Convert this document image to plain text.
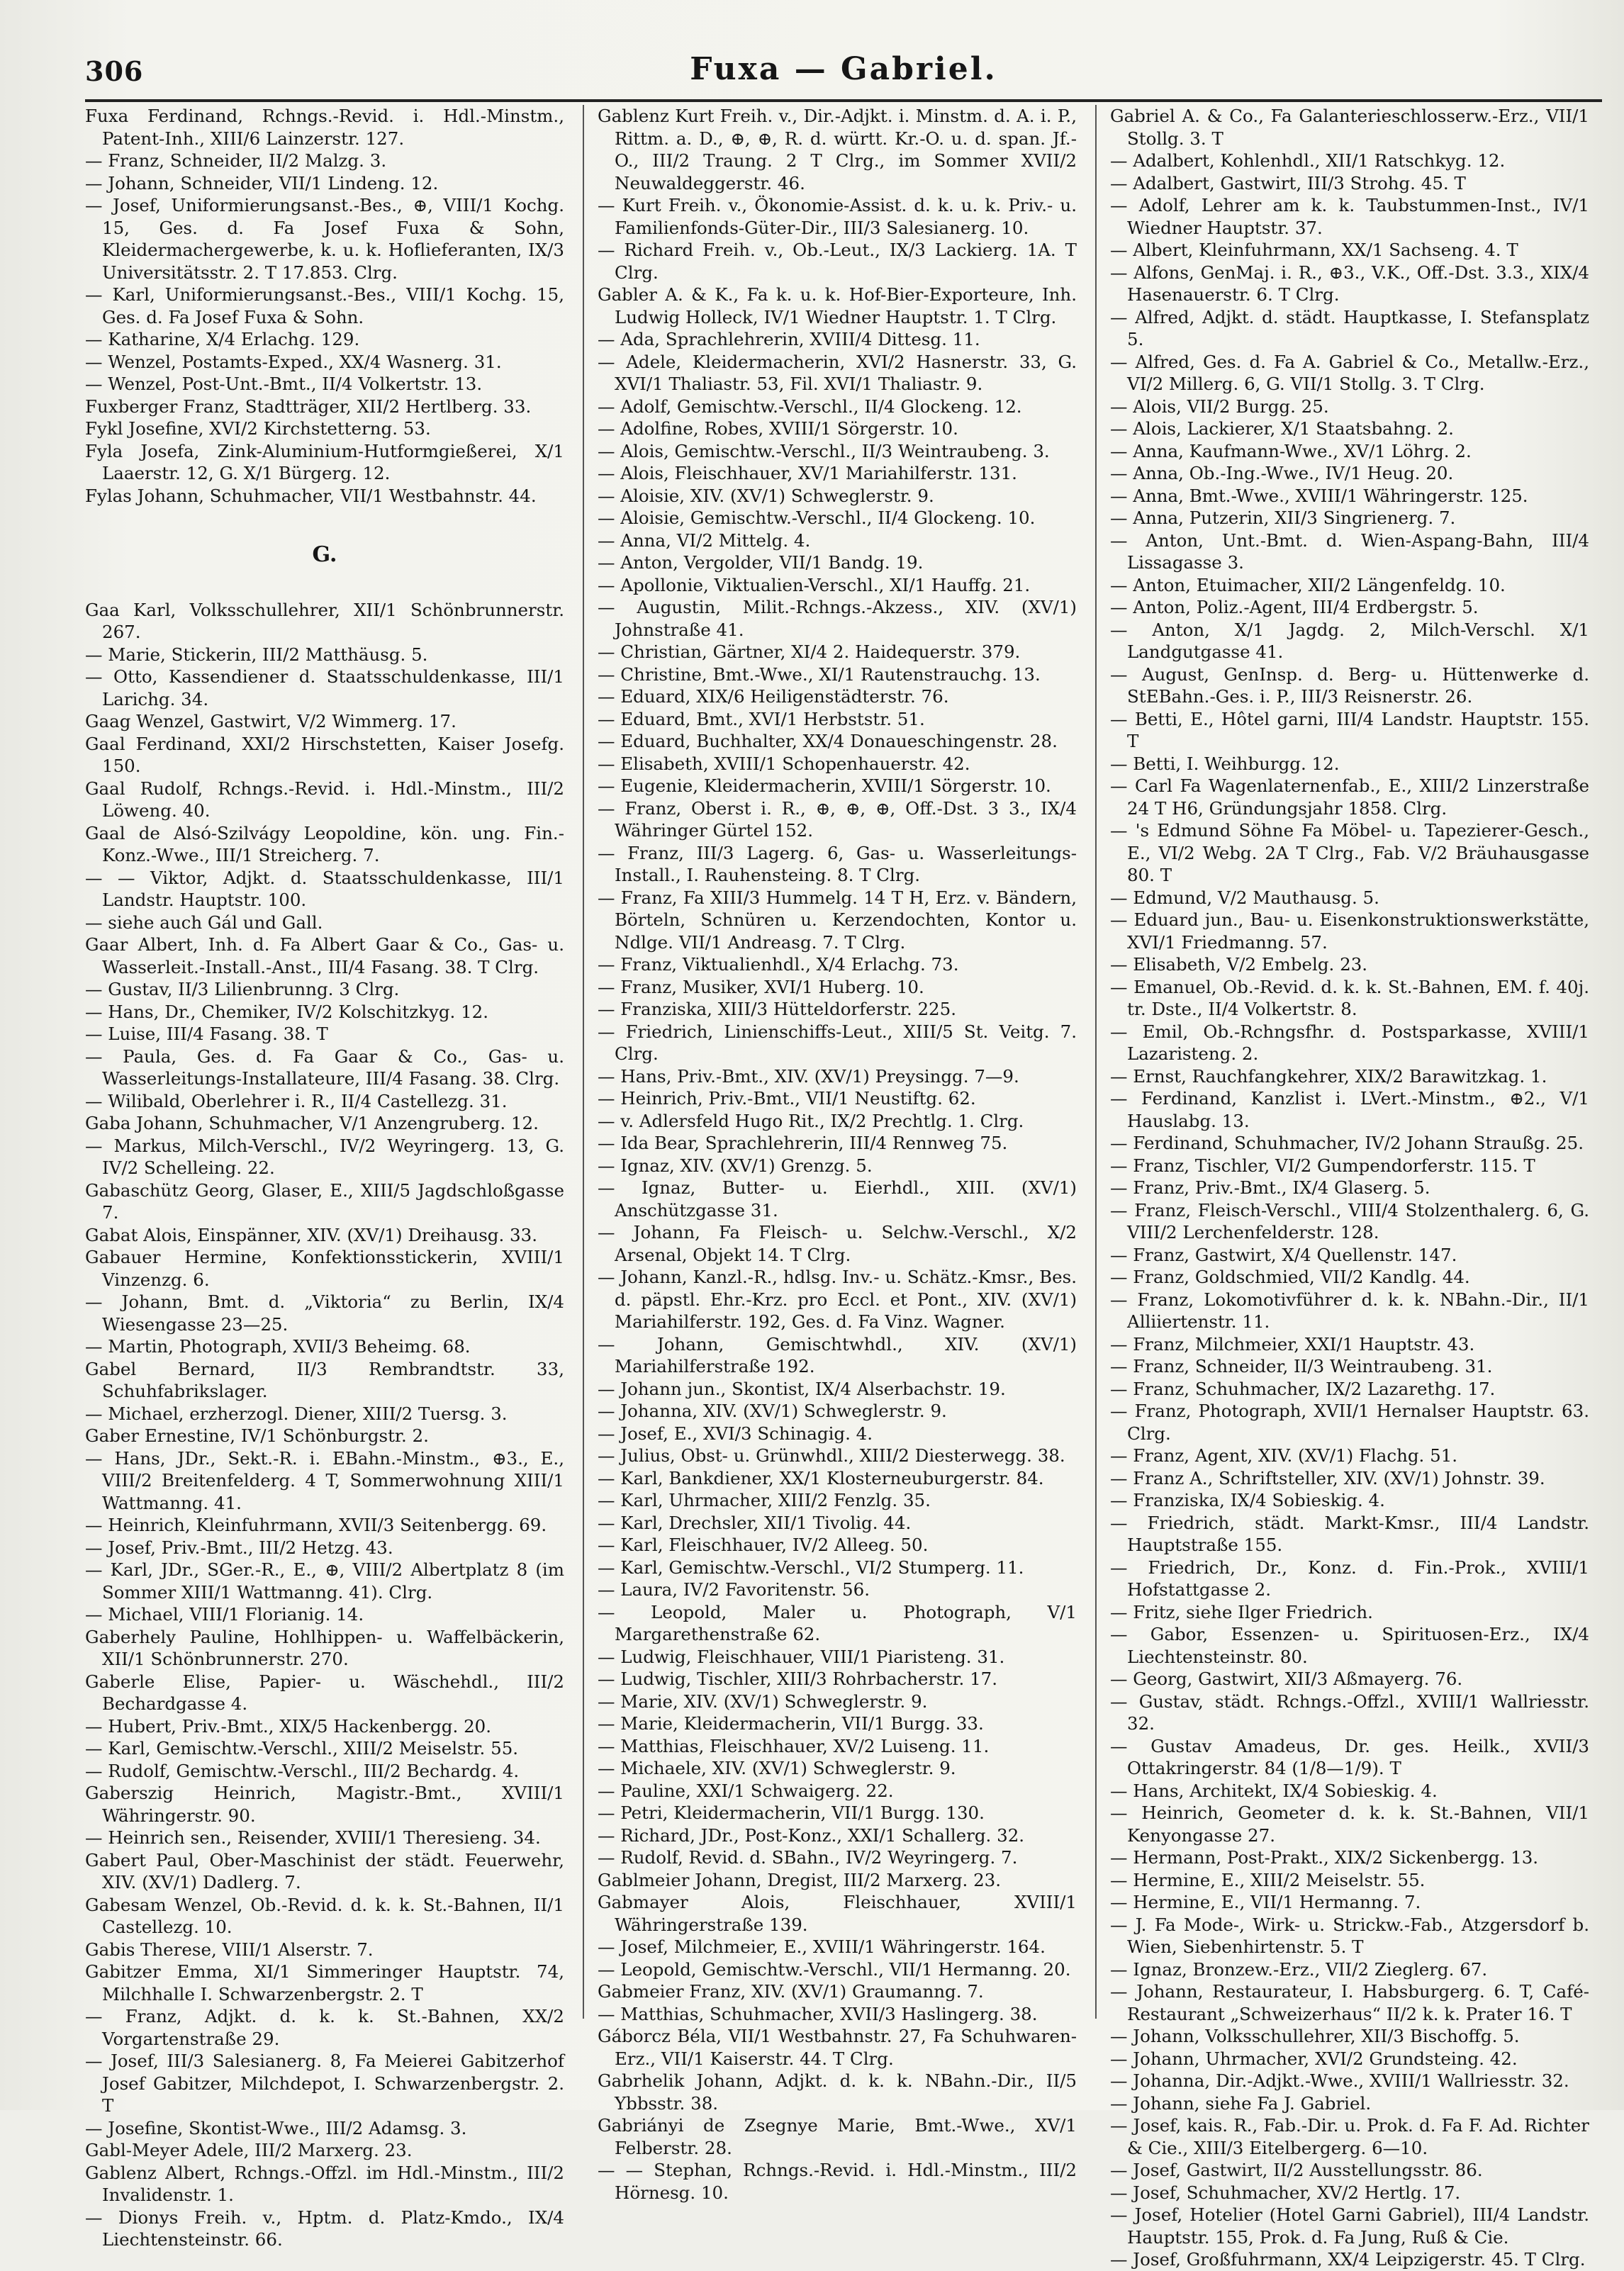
306	Fuxa — Gabriel.

Fuxa Ferdinand, Rchngs.-Revid. i. Hdl.-Minstm., Patent-Inh., XIII/6 Lainzerstr. 127.

— Franz, Schneider, II/2 Malzg. 3.

— Johann, Schneider, VII/1 Lindeng. 12.

— Josef, Uniformierungsanst.-Bes., ⊕, VIII/1 Kochg. 15, Ges. d. Fa Josef Fuxa & Sohn, Kleidermachergewerbe, k. u. k. Hoflieferanten, IX/3 Universitätsstr. 2. T 17.853. Clrg.

— Karl, Uniformierungsanst.-Bes., VIII/1 Kochg. 15, Ges. d. Fa Josef Fuxa & Sohn.

— Katharine, X/4 Erlachg. 129.

— Wenzel, Postamts-Exped., XX/4 Wasnerg. 31.

— Wenzel, Post-Unt.-Bmt., II/4 Volkertstr. 13.

Fuxberger Franz, Stadtträger, XII/2 Hertlberg. 33.

Fykl Josefine, XVI/2 Kirchstetterng. 53.

Fyla Josefa, Zink-Aluminium-Hutformgießerei, X/1 Laaerstr. 12, G. X/1 Bürgerg. 12.

Fylas Johann, Schuhmacher, VII/1 Westbahnstr. 44.

G.

Gaa Karl, Volksschullehrer, XII/1 Schönbrunnerstr. 267.

— Marie, Stickerin, III/2 Matthäusg. 5.

— Otto, Kassendiener d. Staatsschuldenkasse, III/1 Larichg. 34.

Gaag Wenzel, Gastwirt, V/2 Wimmerg. 17.

Gaal Ferdinand, XXI/2 Hirschstetten, Kaiser Josefg. 150.

Gaal Rudolf, Rchngs.-Revid. i. Hdl.-Minstm., III/2 Löweng. 40.

Gaal de Alsó-Szilvágy Leopoldine, kön. ung. Fin.-Konz.-Wwe., III/1 Streicherg. 7.

— — Viktor, Adjkt. d. Staatsschuldenkasse, III/1 Landstr. Hauptstr. 100.

— siehe auch Gál und Gall.

Gaar Albert, Inh. d. Fa Albert Gaar & Co., Gas- u. Wasserleit.-Install.-Anst., III/4 Fasang. 38. T Clrg.

— Gustav, II/3 Lilienbrunng. 3 Clrg.

— Hans, Dr., Chemiker, IV/2 Kolschitzkyg. 12.

— Luise, III/4 Fasang. 38. T

— Paula, Ges. d. Fa Gaar & Co., Gas- u. Wasserleitungs-Installateure, III/4 Fasang. 38. Clrg.

— Wilibald, Oberlehrer i. R., II/4 Castellezg. 31.

Gaba Johann, Schuhmacher, V/1 Anzengruberg. 12.

— Markus, Milch-Verschl., IV/2 Weyringerg. 13, G. IV/2 Schelleing. 22.

Gabaschütz Georg, Glaser, E., XIII/5 Jagdschloßgasse 7.

Gabat Alois, Einspänner, XIV. (XV/1) Dreihausg. 33.

Gabauer Hermine, Konfektionsstickerin, XVIII/1 Vinzenzg. 6.

— Johann, Bmt. d. „Viktoria“ zu Berlin, IX/4 Wiesengasse 23—25.

— Martin, Photograph, XVII/3 Beheimg. 68.

Gabel Bernard, II/3 Rembrandtstr. 33, Schuhfabrikslager.

— Michael, erzherzogl. Diener, XIII/2 Tuersg. 3.

Gaber Ernestine, IV/1 Schönburgstr. 2.

— Hans, JDr., Sekt.-R. i. EBahn.-Minstm., ⊕3., E., VIII/2 Breitenfelderg. 4 T, Sommerwohnung XIII/1 Wattmanng. 41.

— Heinrich, Kleinfuhrmann, XVII/3 Seitenbergg. 69.

— Josef, Priv.-Bmt., III/2 Hetzg. 43.

— Karl, JDr., SGer.-R., E., ⊕, VIII/2 Albertplatz 8 (im Sommer XIII/1 Wattmanng. 41). Clrg.

— Michael, VIII/1 Florianig. 14.

Gaberhely Pauline, Hohlhippen- u. Waffelbäckerin, XII/1 Schönbrunnerstr. 270.

Gaberle Elise, Papier- u. Wäschehdl., III/2 Bechardgasse 4.

— Hubert, Priv.-Bmt., XIX/5 Hackenbergg. 20.

— Karl, Gemischtw.-Verschl., XIII/2 Meiselstr. 55.

— Rudolf, Gemischtw.-Verschl., III/2 Bechardg. 4.

Gaberszig Heinrich, Magistr.-Bmt., XVIII/1 Währingerstr. 90.

— Heinrich sen., Reisender, XVIII/1 Theresieng. 34.

Gabert Paul, Ober-Maschinist der städt. Feuerwehr, XIV. (XV/1) Dadlerg. 7.

Gabesam Wenzel, Ob.-Revid. d. k. k. St.-Bahnen, II/1 Castellezg. 10.

Gabis Therese, VIII/1 Alserstr. 7.

Gabitzer Emma, XI/1 Simmeringer Hauptstr. 74, Milchhalle I. Schwarzenbergstr. 2. T

— Franz, Adjkt. d. k. k. St.-Bahnen, XX/2 Vorgartenstraße 29.

— Josef, III/3 Salesianerg. 8, Fa Meierei Gabitzerhof Josef Gabitzer, Milchdepot, I. Schwarzenbergstr. 2. T

— Josefine, Skontist-Wwe., III/2 Adamsg. 3.

Gabl-Meyer Adele, III/2 Marxerg. 23.

Gablenz Albert, Rchngs.-Offzl. im Hdl.-Minstm., III/2 Invalidenstr. 1.

— Dionys Freih. v., Hptm. d. Platz-Kmdo., IX/4 Liechtensteinstr. 66.

Gablenz Kurt Freih. v., Dir.-Adjkt. i. Minstm. d. A. i. P., Rittm. a. D., ⊕, ⊕, R. d. württ. Kr.-O. u. d. span. Jf.-O., III/2 Traung. 2 T Clrg., im Sommer XVII/2 Neuwaldeggerstr. 46.

— Kurt Freih. v., Ökonomie-Assist. d. k. u. k. Priv.- u. Familienfonds-Güter-Dir., III/3 Salesianerg. 10.

— Richard Freih. v., Ob.-Leut., IX/3 Lackierg. 1A. T Clrg.

Gabler A. & K., Fa k. u. k. Hof-Bier-Exporteure, Inh. Ludwig Holleck, IV/1 Wiedner Hauptstr. 1. T Clrg.

— Ada, Sprachlehrerin, XVIII/4 Dittesg. 11.

— Adele, Kleidermacherin, XVI/2 Hasnerstr. 33, G. XVI/1 Thaliastr. 53, Fil. XVI/1 Thaliastr. 9.

— Adolf, Gemischtw.-Verschl., II/4 Glockeng. 12.

— Adolfine, Robes, XVIII/1 Sörgerstr. 10.

— Alois, Gemischtw.-Verschl., II/3 Weintraubeng. 3.

— Alois, Fleischhauer, XV/1 Mariahilferstr. 131.

— Aloisie, XIV. (XV/1) Schweglerstr. 9.

— Aloisie, Gemischtw.-Verschl., II/4 Glockeng. 10.

— Anna, VI/2 Mittelg. 4.

— Anton, Vergolder, VII/1 Bandg. 19.

— Apollonie, Viktualien-Verschl., XI/1 Hauffg. 21.

— Augustin, Milit.-Rchngs.-Akzess., XIV. (XV/1) Johnstraße 41.

— Christian, Gärtner, XI/4 2. Haidequerstr. 379.

— Christine, Bmt.-Wwe., XI/1 Rautenstrauchg. 13.

— Eduard, XIX/6 Heiligenstädterstr. 76.

— Eduard, Bmt., XVI/1 Herbststr. 51.

— Eduard, Buchhalter, XX/4 Donaueschingenstr. 28.

— Elisabeth, XVIII/1 Schopenhauerstr. 42.

— Eugenie, Kleidermacherin, XVIII/1 Sörgerstr. 10.

— Franz, Oberst i. R., ⊕, ⊕, ⊕, Off.-Dst. 3 3., IX/4 Währinger Gürtel 152.

— Franz, III/3 Lagerg. 6, Gas- u. Wasserleitungs-Install., I. Rauhensteing. 8. T Clrg.

— Franz, Fa XIII/3 Hummelg. 14 T H, Erz. v. Bändern, Börteln, Schnüren u. Kerzendochten, Kontor u. Ndlge. VII/1 Andreasg. 7. T Clrg.

— Franz, Viktualienhdl., X/4 Erlachg. 73.

— Franz, Musiker, XVI/1 Huberg. 10.

— Franziska, XIII/3 Hütteldorferstr. 225.

— Friedrich, Linienschiffs-Leut., XIII/5 St. Veitg. 7. Clrg.

— Hans, Priv.-Bmt., XIV. (XV/1) Preysingg. 7—9.

— Heinrich, Priv.-Bmt., VII/1 Neustiftg. 62.

— v. Adlersfeld Hugo Rit., IX/2 Prechtlg. 1. Clrg.

— Ida Bear, Sprachlehrerin, III/4 Rennweg 75.

— Ignaz, XIV. (XV/1) Grenzg. 5.

— Ignaz, Butter- u. Eierhdl., XIII. (XV/1) Anschützgasse 31.

— Johann, Fa Fleisch- u. Selchw.-Verschl., X/2 Arsenal, Objekt 14. T Clrg.

— Johann, Kanzl.-R., hdlsg. Inv.- u. Schätz.-Kmsr., Bes. d. päpstl. Ehr.-Krz. pro Eccl. et Pont., XIV. (XV/1) Mariahilferstr. 192, Ges. d. Fa Vinz. Wagner.

— Johann, Gemischtwhdl., XIV. (XV/1) Mariahilferstraße 192.

— Johann jun., Skontist, IX/4 Alserbachstr. 19.

— Johanna, XIV. (XV/1) Schweglerstr. 9.

— Josef, E., XVI/3 Schinagig. 4.

— Julius, Obst- u. Grünwhdl., XIII/2 Diesterwegg. 38.

— Karl, Bankdiener, XX/1 Klosterneuburgerstr. 84.

— Karl, Uhrmacher, XIII/2 Fenzlg. 35.

— Karl, Drechsler, XII/1 Tivolig. 44.

— Karl, Fleischhauer, IV/2 Alleeg. 50.

— Karl, Gemischtw.-Verschl., VI/2 Stumperg. 11.

— Laura, IV/2 Favoritenstr. 56.

— Leopold, Maler u. Photograph, V/1 Margarethenstraße 62.

— Ludwig, Fleischhauer, VIII/1 Piaristeng. 31.

— Ludwig, Tischler, XIII/3 Rohrbacherstr. 17.

— Marie, XIV. (XV/1) Schweglerstr. 9.

— Marie, Kleidermacherin, VII/1 Burgg. 33.

— Matthias, Fleischhauer, XV/2 Luiseng. 11.

— Michaele, XIV. (XV/1) Schweglerstr. 9.

— Pauline, XXI/1 Schwaigerg. 22.

— Petri, Kleidermacherin, VII/1 Burgg. 130.

— Richard, JDr., Post-Konz., XXI/1 Schallerg. 32.

— Rudolf, Revid. d. SBahn., IV/2 Weyringerg. 7.

Gablmeier Johann, Dregist, III/2 Marxerg. 23.

Gabmayer Alois, Fleischhauer, XVIII/1 Währingerstraße 139.

— Josef, Milchmeier, E., XVIII/1 Währingerstr. 164.

— Leopold, Gemischtw.-Verschl., VII/1 Hermanng. 20.

Gabmeier Franz, XIV. (XV/1) Graumanng. 7.

— Matthias, Schuhmacher, XVII/3 Haslingerg. 38.

Gáborcz Béla, VII/1 Westbahnstr. 27, Fa Schuhwaren-Erz., VII/1 Kaiserstr. 44. T Clrg.

Gabrhelik Johann, Adjkt. d. k. k. NBahn.-Dir., II/5 Ybbsstr. 38.

Gabriányi de Zsegnye Marie, Bmt.-Wwe., XV/1 Felberstr. 28.

— — Stephan, Rchngs.-Revid. i. Hdl.-Minstm., III/2 Hörnesg. 10.

Gabriel A. & Co., Fa Galanterieschlosserw.-Erz., VII/1 Stollg. 3. T

— Adalbert, Kohlenhdl., XII/1 Ratschkyg. 12.

— Adalbert, Gastwirt, III/3 Strohg. 45. T

— Adolf, Lehrer am k. k. Taubstummen-Inst., IV/1 Wiedner Hauptstr. 37.

— Albert, Kleinfuhrmann, XX/1 Sachseng. 4. T

— Alfons, GenMaj. i. R., ⊕3., V.K., Off.-Dst. 3.3., XIX/4 Hasenauerstr. 6. T Clrg.

— Alfred, Adjkt. d. städt. Hauptkasse, I. Stefansplatz 5.

— Alfred, Ges. d. Fa A. Gabriel & Co., Metallw.-Erz., VI/2 Millerg. 6, G. VII/1 Stollg. 3. T Clrg.

— Alois, VII/2 Burgg. 25.

— Alois, Lackierer, X/1 Staatsbahng. 2.

— Anna, Kaufmann-Wwe., XV/1 Löhrg. 2.

— Anna, Ob.-Ing.-Wwe., IV/1 Heug. 20.

— Anna, Bmt.-Wwe., XVIII/1 Währingerstr. 125.

— Anna, Putzerin, XII/3 Singrienerg. 7.

— Anton, Unt.-Bmt. d. Wien-Aspang-Bahn, III/4 Lissagasse 3.

— Anton, Etuimacher, XII/2 Längenfeldg. 10.

— Anton, Poliz.-Agent, III/4 Erdbergstr. 5.

— Anton, X/1 Jagdg. 2, Milch-Verschl. X/1 Landgutgasse 41.

— August, GenInsp. d. Berg- u. Hüttenwerke d. StEBahn.-Ges. i. P., III/3 Reisnerstr. 26.

— Betti, E., Hôtel garni, III/4 Landstr. Hauptstr. 155. T

— Betti, I. Weihburgg. 12.

— Carl Fa Wagenlaternenfab., E., XIII/2 Linzerstraße 24 T H6, Gründungsjahr 1858. Clrg.

— 's Edmund Söhne Fa Möbel- u. Tapezierer-Gesch., E., VI/2 Webg. 2A T Clrg., Fab. V/2 Bräuhausgasse 80. T

— Edmund, V/2 Mauthausg. 5.

— Eduard jun., Bau- u. Eisenkonstruktionswerkstätte, XVI/1 Friedmanng. 57.

— Elisabeth, V/2 Embelg. 23.

— Emanuel, Ob.-Revid. d. k. k. St.-Bahnen, EM. f. 40j. tr. Dste., II/4 Volkertstr. 8.

— Emil, Ob.-Rchngsfhr. d. Postsparkasse, XVIII/1 Lazaristeng. 2.

— Ernst, Rauchfangkehrer, XIX/2 Barawitzkag. 1.

— Ferdinand, Kanzlist i. LVert.-Minstm., ⊕2., V/1 Hauslabg. 13.

— Ferdinand, Schuhmacher, IV/2 Johann Straußg. 25.

— Franz, Tischler, VI/2 Gumpendorferstr. 115. T

— Franz, Priv.-Bmt., IX/4 Glaserg. 5.

— Franz, Fleisch-Verschl., VIII/4 Stolzenthalerg. 6, G. VIII/2 Lerchenfelderstr. 128.

— Franz, Gastwirt, X/4 Quellenstr. 147.

— Franz, Goldschmied, VII/2 Kandlg. 44.

— Franz, Lokomotivführer d. k. k. NBahn.-Dir., II/1 Alliiertenstr. 11.

— Franz, Milchmeier, XXI/1 Hauptstr. 43.

— Franz, Schneider, II/3 Weintraubeng. 31.

— Franz, Schuhmacher, IX/2 Lazarethg. 17.

— Franz, Photograph, XVII/1 Hernalser Hauptstr. 63. Clrg.

— Franz, Agent, XIV. (XV/1) Flachg. 51.

— Franz A., Schriftsteller, XIV. (XV/1) Johnstr. 39.

— Franziska, IX/4 Sobieskig. 4.

— Friedrich, städt. Markt-Kmsr., III/4 Landstr. Hauptstraße 155.

— Friedrich, Dr., Konz. d. Fin.-Prok., XVIII/1 Hofstattgasse 2.

— Fritz, siehe Ilger Friedrich.

— Gabor, Essenzen- u. Spirituosen-Erz., IX/4 Liechtensteinstr. 80.

— Georg, Gastwirt, XII/3 Aßmayerg. 76.

— Gustav, städt. Rchngs.-Offzl., XVIII/1 Wallriesstr. 32.

— Gustav Amadeus, Dr. ges. Heilk., XVII/3 Ottakringerstr. 84 (1/8—1/9). T

— Hans, Architekt, IX/4 Sobieskig. 4.

— Heinrich, Geometer d. k. k. St.-Bahnen, VII/1 Kenyongasse 27.

— Hermann, Post-Prakt., XIX/2 Sickenbergg. 13.

— Hermine, E., XIII/2 Meiselstr. 55.

— Hermine, E., VII/1 Hermanng. 7.

— J. Fa Mode-, Wirk- u. Strickw.-Fab., Atzgersdorf b. Wien, Siebenhirtenstr. 5. T

— Ignaz, Bronzew.-Erz., VII/2 Zieglerg. 67.

— Johann, Restaurateur, I. Habsburgerg. 6. T, Café-Restaurant „Schweizerhaus“ II/2 k. k. Prater 16. T

— Johann, Volksschullehrer, XII/3 Bischoffg. 5.

— Johann, Uhrmacher, XVI/2 Grundsteing. 42.

— Johanna, Dir.-Adjkt.-Wwe., XVIII/1 Wallriesstr. 32.

— Johann, siehe Fa J. Gabriel.

— Josef, kais. R., Fab.-Dir. u. Prok. d. Fa F. Ad. Richter & Cie., XIII/3 Eitelbergerg. 6—10.

— Josef, Gastwirt, II/2 Ausstellungsstr. 86.

— Josef, Schuhmacher, XV/2 Hertlg. 17.

— Josef, Hotelier (Hotel Garni Gabriel), III/4 Landstr. Hauptstr. 155, Prok. d. Fa Jung, Ruß & Cie.

— Josef, Großfuhrmann, XX/4 Leipzigerstr. 45. T Clrg.
